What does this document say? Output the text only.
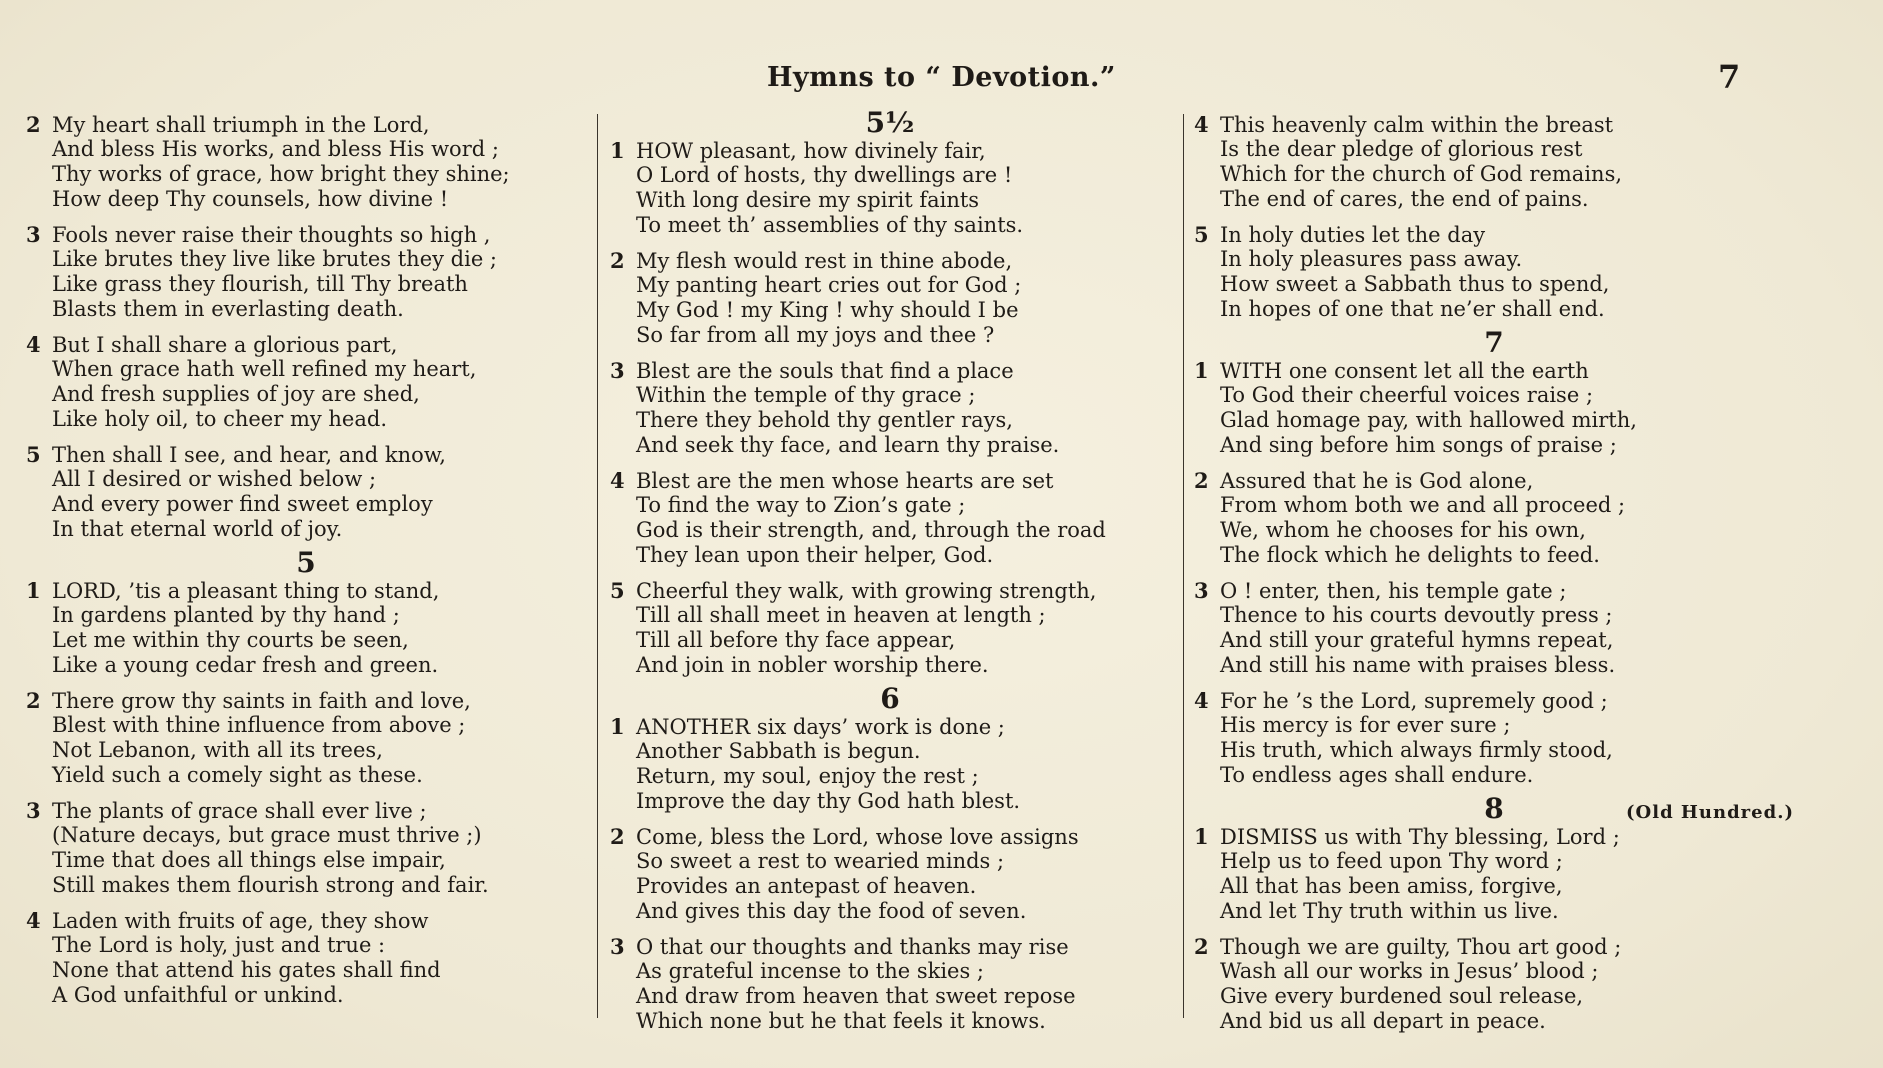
Hymns to “ Devotion.”	7
2 My heart shall triumph in the Lord,
And bless His works, and bless His word ;
Thy works of grace, how bright they shine;
How deep Thy counsels, how divine !
3 Fools never raise their thoughts so high ,
Like brutes they live like brutes they die ;
Like grass they flourish, till Thy breath
Blasts them in everlasting death.
4 But I shall share a glorious part,
When grace hath well refined my heart,
And fresh supplies of joy are shed,
Like holy oil, to cheer my head.
5 Then shall I see, and hear, and know,
All I desired or wished below ;
And every power find sweet employ
In that eternal world of joy.
5
1 LORD, ’tis a pleasant thing to stand,
In gardens planted by thy hand ;
Let me within thy courts be seen,
Like a young cedar fresh and green.
2 There grow thy saints in faith and love,
Blest with thine influence from above ;
Not Lebanon, with all its trees,
Yield such a comely sight as these.
3 The plants of grace shall ever live ;
(Nature decays, but grace must thrive ;)
Time that does all things else impair,
Still makes them flourish strong and fair.
4 Laden with fruits of age, they show
The Lord is holy, just and true :
None that attend his gates shall find
A God unfaithful or unkind.
5½
1 HOW pleasant, how divinely fair,
O Lord of hosts, thy dwellings are !
With long desire my spirit faints
To meet th’ assemblies of thy saints.
2 My flesh would rest in thine abode,
My panting heart cries out for God ;
My God ! my King ! why should I be
So far from all my joys and thee ?
3 Blest are the souls that find a place
Within the temple of thy grace ;
There they behold thy gentler rays,
And seek thy face, and learn thy praise.
4 Blest are the men whose hearts are set
To find the way to Zion’s gate ;
God is their strength, and, through the road
They lean upon their helper, God.
5 Cheerful they walk, with growing strength,
Till all shall meet in heaven at length ;
Till all before thy face appear,
And join in nobler worship there.
6
1 ANOTHER six days’ work is done ;
Another Sabbath is begun.
Return, my soul, enjoy the rest ;
Improve the day thy God hath blest.
2 Come, bless the Lord, whose love assigns
So sweet a rest to wearied minds ;
Provides an antepast of heaven.
And gives this day the food of seven.
3 O that our thoughts and thanks may rise
As grateful incense to the skies ;
And draw from heaven that sweet repose
Which none but he that feels it knows.
4 This heavenly calm within the breast
Is the dear pledge of glorious rest
Which for the church of God remains,
The end of cares, the end of pains.
5 In holy duties let the day
In holy pleasures pass away.
How sweet a Sabbath thus to spend,
In hopes of one that ne’er shall end.
7
1 WITH one consent let all the earth
To God their cheerful voices raise ;
Glad homage pay, with hallowed mirth,
And sing before him songs of praise ;
2 Assured that he is God alone,
From whom both we and all proceed ;
We, whom he chooses for his own,
The flock which he delights to feed.
3 O ! enter, then, his temple gate ;
Thence to his courts devoutly press ;
And still your grateful hymns repeat,
And still his name with praises bless.
4 For he ’s the Lord, supremely good ;
His mercy is for ever sure ;
His truth, which always firmly stood,
To endless ages shall endure.
8	(Old Hundred.)
1 DISMISS us with Thy blessing, Lord ;
Help us to feed upon Thy word ;
All that has been amiss, forgive,
And let Thy truth within us live.
2 Though we are guilty, Thou art good ;
Wash all our works in Jesus’ blood ;
Give every burdened soul release,
And bid us all depart in peace.
